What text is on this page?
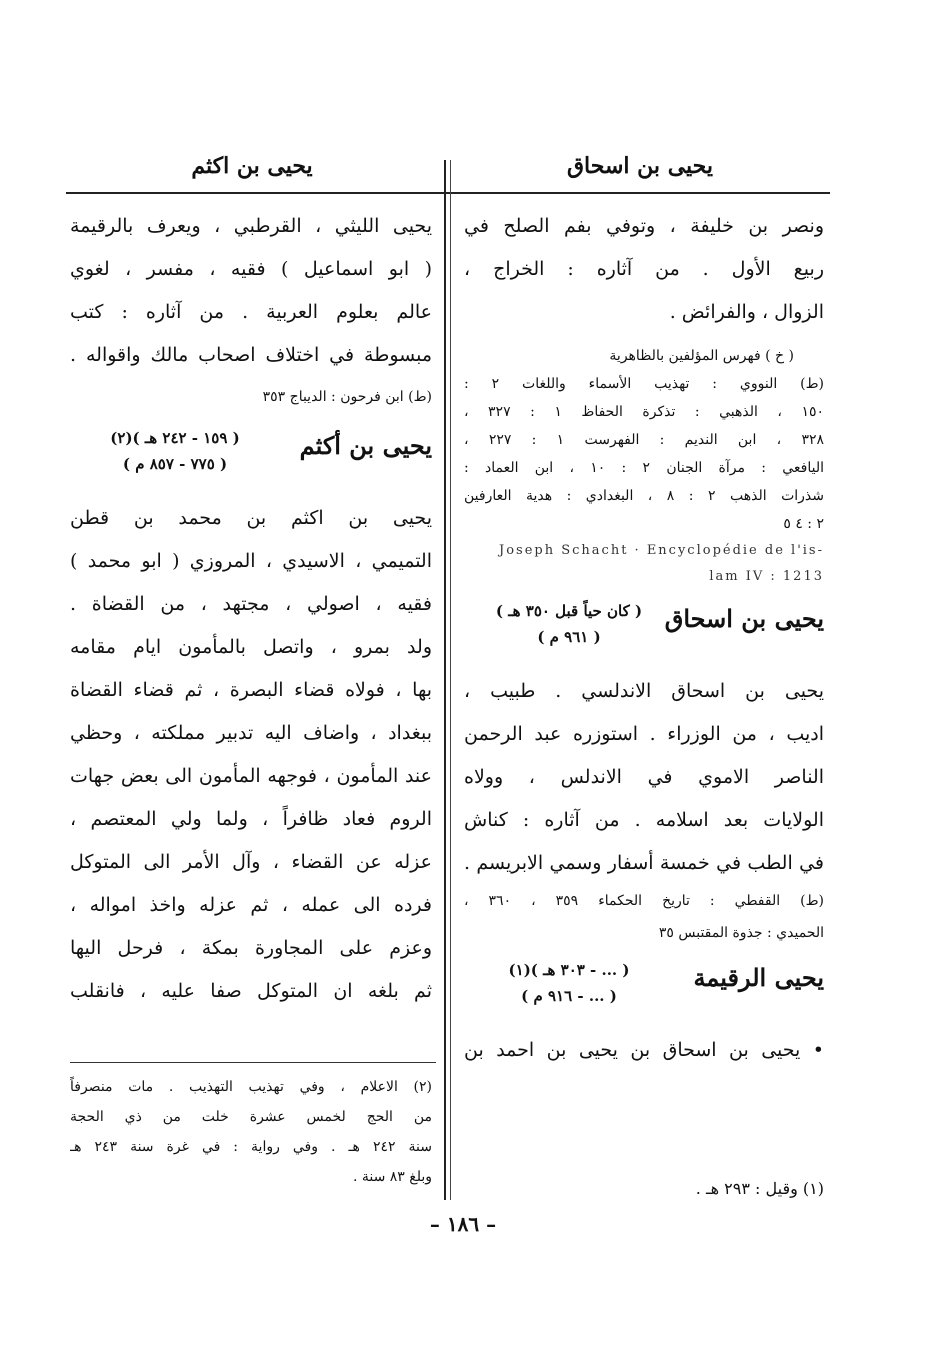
يحيى بن اسحاق
يحيى بن اكثم
ونصر بن خليفة ، وتوفي بفم الصلح في
ربيع الأول . من آثاره : الخراج ،
الزوال ، والفرائض .
( خ ) فهرس المؤلفين بالظاهرية
(ط) النووي : تهذيب الأسماء واللغات ٢ :
١٥٠ ، الذهبي : تذكرة الحفاظ ١ : ٣٢٧ ،
٣٢٨ ، ابن النديم : الفهرست ١ : ٢٢٧ ،
اليافعي : مرآة الجنان ٢ : ١٠ ، ابن العماد :
شذرات الذهب ٢ : ٨ ، البغدادي : هدية العارفين
٢ : ٤ ٥
Joseph Schacht · Encyclopédie de l'is-
lam IV : 1213
يحيى بن اسحاق
( كان حياً قبل ٣٥٠ هـ )
( ٩٦١ م )
يحيى بن اسحاق الاندلسي . طبيب ،
اديب ، من الوزراء . استوزره عبد الرحمن
الناصر الاموي في الاندلس ، وولاه
الولايات بعد اسلامه . من آثاره : كناش
في الطب في خمسة أسفار وسمي الابريسم .
(ط) القفطي : تاريخ الحكماء ٣٥٩ ، ٣٦٠ ،
الحميدي : جذوة المقتبس ٣٥
يحيى الرقيمة
( ... - ٣٠٣ هـ )(١)
( ... - ٩١٦ م )
• يحيى بن اسحاق بن يحيى بن احمد بن
(١) وقيل : ٢٩٣ هـ .
يحيى الليثي ، القرطبي ، ويعرف بالرقيمة
( ابو اسماعيل ) فقيه ، مفسر ، لغوي
عالم بعلوم العربية . من آثاره : كتب
مبسوطة في اختلاف اصحاب مالك واقواله .
(ط) ابن فرحون : الديباج ٣٥٣
يحيى بن أكثم
( ١٥٩ - ٢٤٢ هـ )(٢)
( ٧٧٥ - ٨٥٧ م )
يحيى بن اكثم بن محمد بن قطن
التميمي ، الاسيدي ، المروزي ( ابو محمد )
فقيه ، اصولي ، مجتهد ، من القضاة .
ولد بمرو ، واتصل بالمأمون ايام مقامه
بها ، فولاه قضاء البصرة ، ثم قضاء القضاة
ببغداد ، واضاف اليه تدبير مملكته ، وحظي
عند المأمون ، فوجهه المأمون الى بعض جهات
الروم فعاد ظافراً ، ولما ولي المعتصم ،
عزله عن القضاء ، وآل الأمر الى المتوكل
فرده الى عمله ، ثم عزله واخذ امواله ،
وعزم على المجاورة بمكة ، فرحل اليها
ثم بلغه ان المتوكل صفا عليه ، فانقلب
(٢) الاعلام ، وفي تهذيب التهذيب . مات منصرفاً
من الحج لخمس عشرة خلت من ذي الحجة
سنة ٢٤٢ هـ . وفي رواية : في غرة سنة ٢٤٣ هـ
وبلغ ٨٣ سنة .
– ١٨٦ –
